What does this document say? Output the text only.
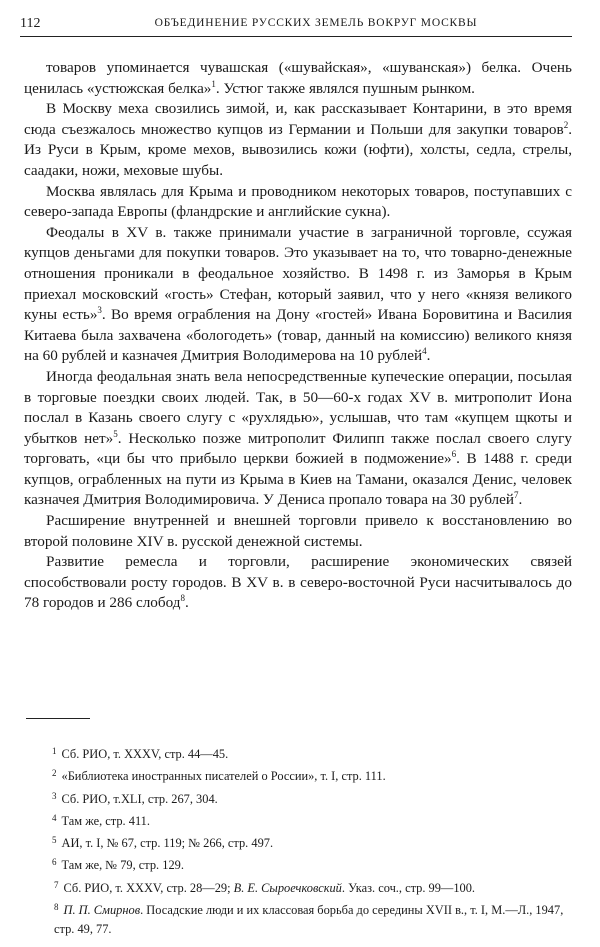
112	ОБЪЕДИНЕНИЕ РУССКИХ ЗЕМЕЛЬ ВОКРУГ МОСКВЫ

товаров упоминается чувашская («шувайская», «шуванская») белка. Очень ценилась «устюжская белка»$^1$. Устюг также являлся пушным рынком.

В Москву меха свозились зимой, и, как рассказывает Контарини, в это время сюда съезжалось множество купцов из Германии и Польши для закупки товаров$^2$. Из Руси в Крым, кроме мехов, вывозились кожи (юфти), холсты, седла, стрелы, саадаки, ножи, меховые шубы.

Москва являлась для Крыма и проводником некоторых товаров, поступавших с северо-запада Европы (фландрские и английские сукна).

Феодалы в XV в. также принимали участие в заграничной торговле, ссужая купцов деньгами для покупки товаров. Это указывает на то, что товарно-денежные отношения проникали в феодальное хозяйство. В 1498 г. из Заморья в Крым приехал московский «гость» Стефан, который заявил, что у него «князя великого куны есть»$^3$. Во время ограбления на Дону «гостей» Ивана Боровитина и Василия Китаева была захвачена «бологодеть» (товар, данный на комиссию) великого князя на 60 рублей и казначея Дмитрия Володимерова на 10 рублей$^4$.

Иногда феодальная знать вела непосредственные купеческие операции, посылая в торговые поездки своих людей. Так, в 50—60-х годах XV в. митрополит Иона послал в Казань своего слугу с «рухлядью», услышав, что там «купцем щкоты и убытков нет»$^5$. Несколько позже митрополит Филипп также послал своего слугу торговать, «ци бы что прибыло церкви божией в подможение»$^6$. В 1488 г. среди купцов, ограбленных на пути из Крыма в Киев на Тамани, оказался Денис, человек казначея Дмитрия Володимировича. У Дениса пропало товара на 30 рублей$^7$.

Расширение внутренней и внешней торговли привело к восстановлению во второй половине XIV в. русской денежной системы.

Развитие ремесла и торговли, расширение экономических связей способствовали росту городов. В XV в. в северо-восточной Руси насчитывалось до 78 городов и 286 слобод$^8$.

$^1$ Сб. РИО, т. XXXV, стр. 44—45.

$^2$ «Библиотека иностранных писателей о России», т. I, стр. 111.

$^3$ Сб. РИО, т.XLI, стр. 267, 304.

$^4$ Там же, стр. 411.

$^5$ АИ, т. I, № 67, стр. 119; № 266, стр. 497.

$^6$ Там же, № 79, стр. 129.

$^7$ Сб. РИО, т. XXXV, стр. 28—29; В. Е. Сыроечковский. Указ. соч., стр. 99—100.

$^8$ П. П. Смирнов. Посадские люди и их классовая борьба до середины XVII в., т. I, М.—Л., 1947, стр. 49, 77.
